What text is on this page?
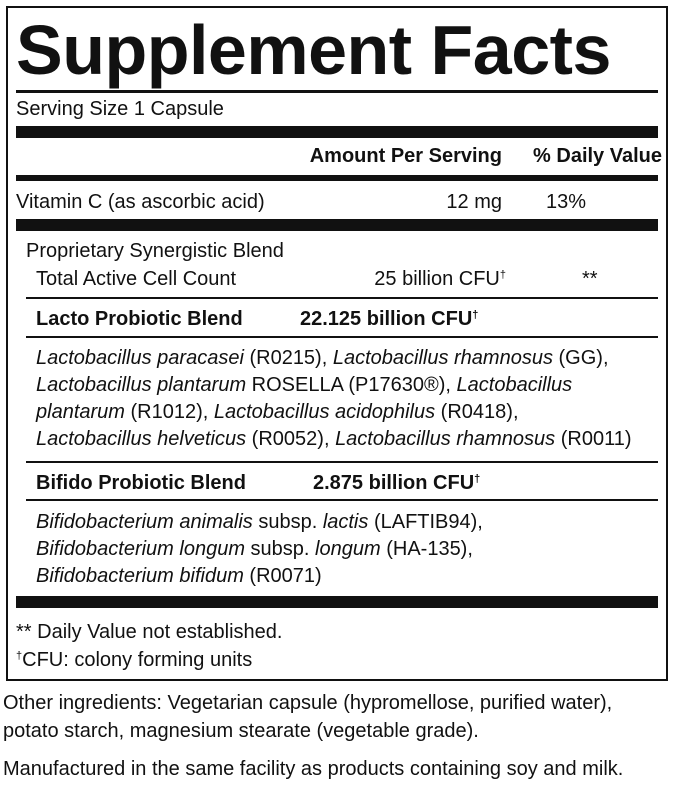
Supplement Facts
Serving Size 1 Capsule
Amount Per Serving	% Daily Value
Vitamin C (as ascorbic acid)	12 mg 13%
Proprietary Synergistic Blend
Total Active Cell Count	25 billion CFU†	**
Lacto Probiotic Blend	22.125 billion CFU†
Lactobacillus paracasei (R0215), Lactobacillus rhamnosus (GG),
Lactobacillus plantarum ROSELLA (P17630®), Lactobacillus
plantarum (R1012), Lactobacillus acidophilus (R0418),
Lactobacillus helveticus (R0052), Lactobacillus rhamnosus (R0011)
Bifido Probiotic Blend	2.875 billion CFU†
Bifidobacterium animalis subsp. lactis (LAFTIB94),
Bifidobacterium longum subsp. longum (HA-135),
Bifidobacterium bifidum (R0071)
** Daily Value not established.
†CFU: colony forming units
Other ingredients: Vegetarian capsule (hypromellose, purified water),
potato starch, magnesium stearate (vegetable grade).
Manufactured in the same facility as products containing soy and milk.
